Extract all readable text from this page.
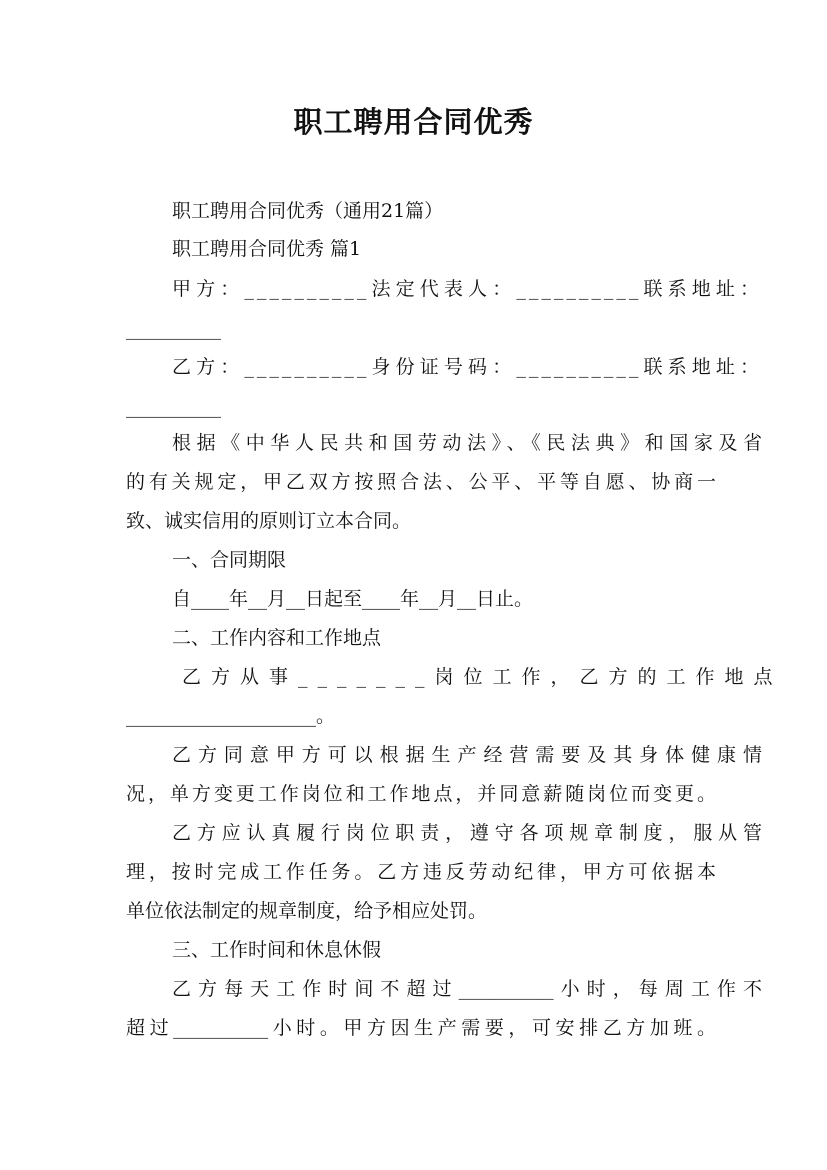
职工聘用合同优秀
职工聘用合同优秀（通用21篇）
职工聘用合同优秀 篇1
甲方：__________法定代表人：__________联系地址：
__________
乙方：__________身份证号码：__________联系地址：
__________
根据《中华人民共和国劳动法》、《民法典》和国家及省
的有关规定，甲乙双方按照合法、公平、平等自愿、协商一
致、诚实信用的原则订立本合同。
一、合同期限
自____年__月__日起至____年__月__日止。
二、工作内容和工作地点
乙方从事_______岗位工作，乙方的工作地点
____________________。
乙方同意甲方可以根据生产经营需要及其身体健康情
况，单方变更工作岗位和工作地点，并同意薪随岗位而变更。
乙方应认真履行岗位职责，遵守各项规章制度，服从管
理，按时完成工作任务。乙方违反劳动纪律，甲方可依据本
单位依法制定的规章制度，给予相应处罚。
三、工作时间和休息休假
乙方每天工作时间不超过__________小时，每周工作不
超过__________小时。甲方因生产需要，可安排乙方加班。
